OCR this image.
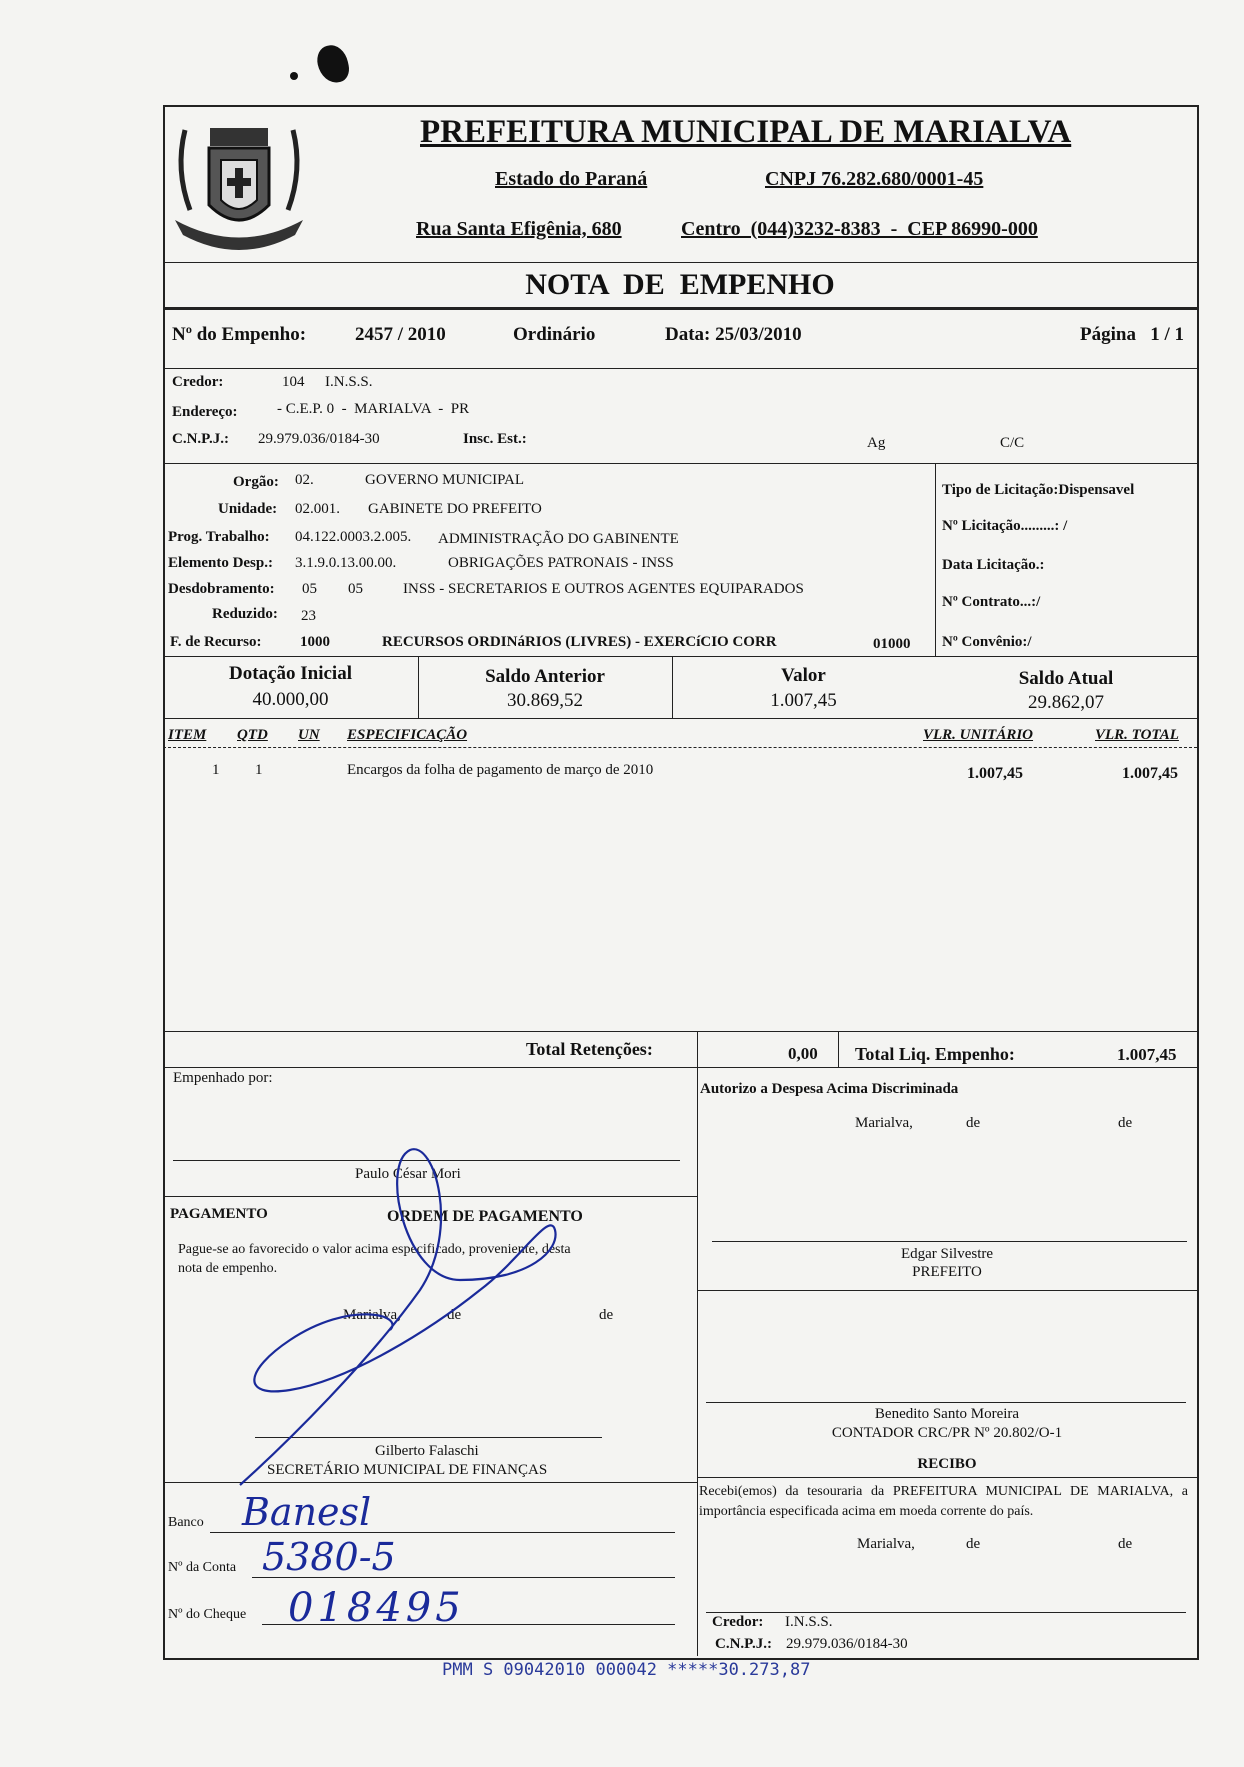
PREFEITURA MUNICIPAL DE MARIALVA
Estado do Paraná	CNPJ 76.282.680/0001-45
Rua Santa Efigênia, 680	Centro  (044)3232-8383  -  CEP 86990-000
NOTA  DE  EMPENHO
Nº do Empenho:	2457 / 2010	Ordinário	Data: 25/03/2010	Página   1 / 1
Credor:	104 I.N.S.S.
Endereço:	- C.E.P. 0  -  MARIALVA  -  PR
C.N.P.J.: 29.979.036/0184-30	Insc. Est.:	Ag	C/C
Orgão: 02.	GOVERNO MUNICIPAL
Unidade: 02.001. GABINETE DO PREFEITO
Prog. Trabalho: 04.122.0003.2.005. ADMINISTRAÇÃO DO GABINENTE
Elemento Desp.: 3.1.9.0.13.00.00.	OBRIGAÇÕES PATRONAIS - INSS
Desdobramento: 05 05	INSS - SECRETARIOS E OUTROS AGENTES EQUIPARADOS
Reduzido: 23
F. de Recurso:	1000	RECURSOS ORDINáRIOS (LIVRES) - EXERCíCIO CORR	01000
Tipo de Licitação:Dispensavel
Nº Licitação.........: /
Data Licitação.:
Nº Contrato...:/
Nº Convênio:/
Dotação Inicial
40.000,00
Saldo Anterior
30.869,52
Valor
1.007,45
Saldo Atual
29.862,07
ITEM QTD UN ESPECIFICAÇÃO	VLR. UNITÁRIO	VLR. TOTAL
1 1	Encargos da folha de pagamento de março de 2010	1.007,45	1.007,45
Total Retenções:	0,00 Total Liq. Empenho:	1.007,45
Empenhado por:
Paulo César Mori
PAGAMENTO	ORDEM DE PAGAMENTO
Pague-se ao favorecido o valor acima especificado, proveniente, desta
nota de empenho.
Marialva,	de	de
Gilberto Falaschi
SECRETÁRIO MUNICIPAL DE FINANÇAS
Banco Banesl
Nº da Conta 5380-5
Nº do Cheque 018495
Autorizo a Despesa Acima Discriminada
Marialva,	de	de
Edgar Silvestre
PREFEITO
Benedito Santo Moreira
CONTADOR CRC/PR Nº 20.802/O-1
RECIBO
Recebi(emos) da tesouraria da PREFEITURA MUNICIPAL DE MARIALVA, a importância especificada acima em moeda corrente do país.
Marialva,	de	de
Credor: I.N.S.S.
C.N.P.J.: 29.979.036/0184-30
PMM S 09042010 000042 *****30.273,87
